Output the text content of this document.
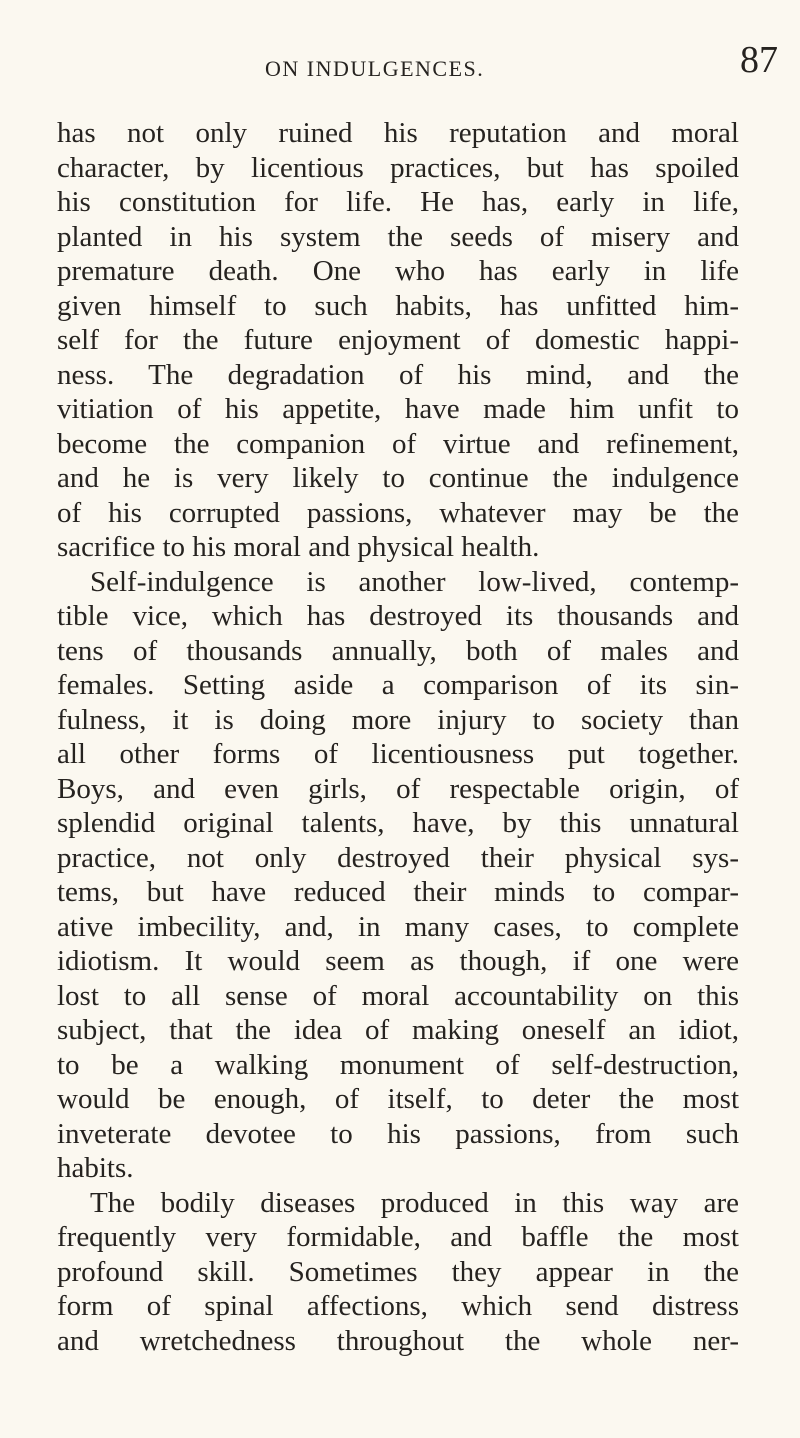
ON INDULGENCES.	87
has not only ruined his reputation and moral
character, by licentious practices, but has spoiled
his constitution for life. He has, early in life,
planted in his system the seeds of misery and
premature death. One who has early in life
given himself to such habits, has unfitted him-
self for the future enjoyment of domestic happi-
ness. The degradation of his mind, and the
vitiation of his appetite, have made him unfit to
become the companion of virtue and refinement,
and he is very likely to continue the indulgence
of his corrupted passions, whatever may be the
sacrifice to his moral and physical health.
Self-indulgence is another low-lived, contemp-
tible vice, which has destroyed its thousands and
tens of thousands annually, both of males and
females. Setting aside a comparison of its sin-
fulness, it is doing more injury to society than
all other forms of licentiousness put together.
Boys, and even girls, of respectable origin, of
splendid original talents, have, by this unnatural
practice, not only destroyed their physical sys-
tems, but have reduced their minds to compar-
ative imbecility, and, in many cases, to complete
idiotism. It would seem as though, if one were
lost to all sense of moral accountability on this
subject, that the idea of making oneself an idiot,
to be a walking monument of self-destruction,
would be enough, of itself, to deter the most
inveterate devotee to his passions, from such
habits.
The bodily diseases produced in this way are
frequently very formidable, and baffle the most
profound skill. Sometimes they appear in the
form of spinal affections, which send distress
and wretchedness throughout the whole ner-
